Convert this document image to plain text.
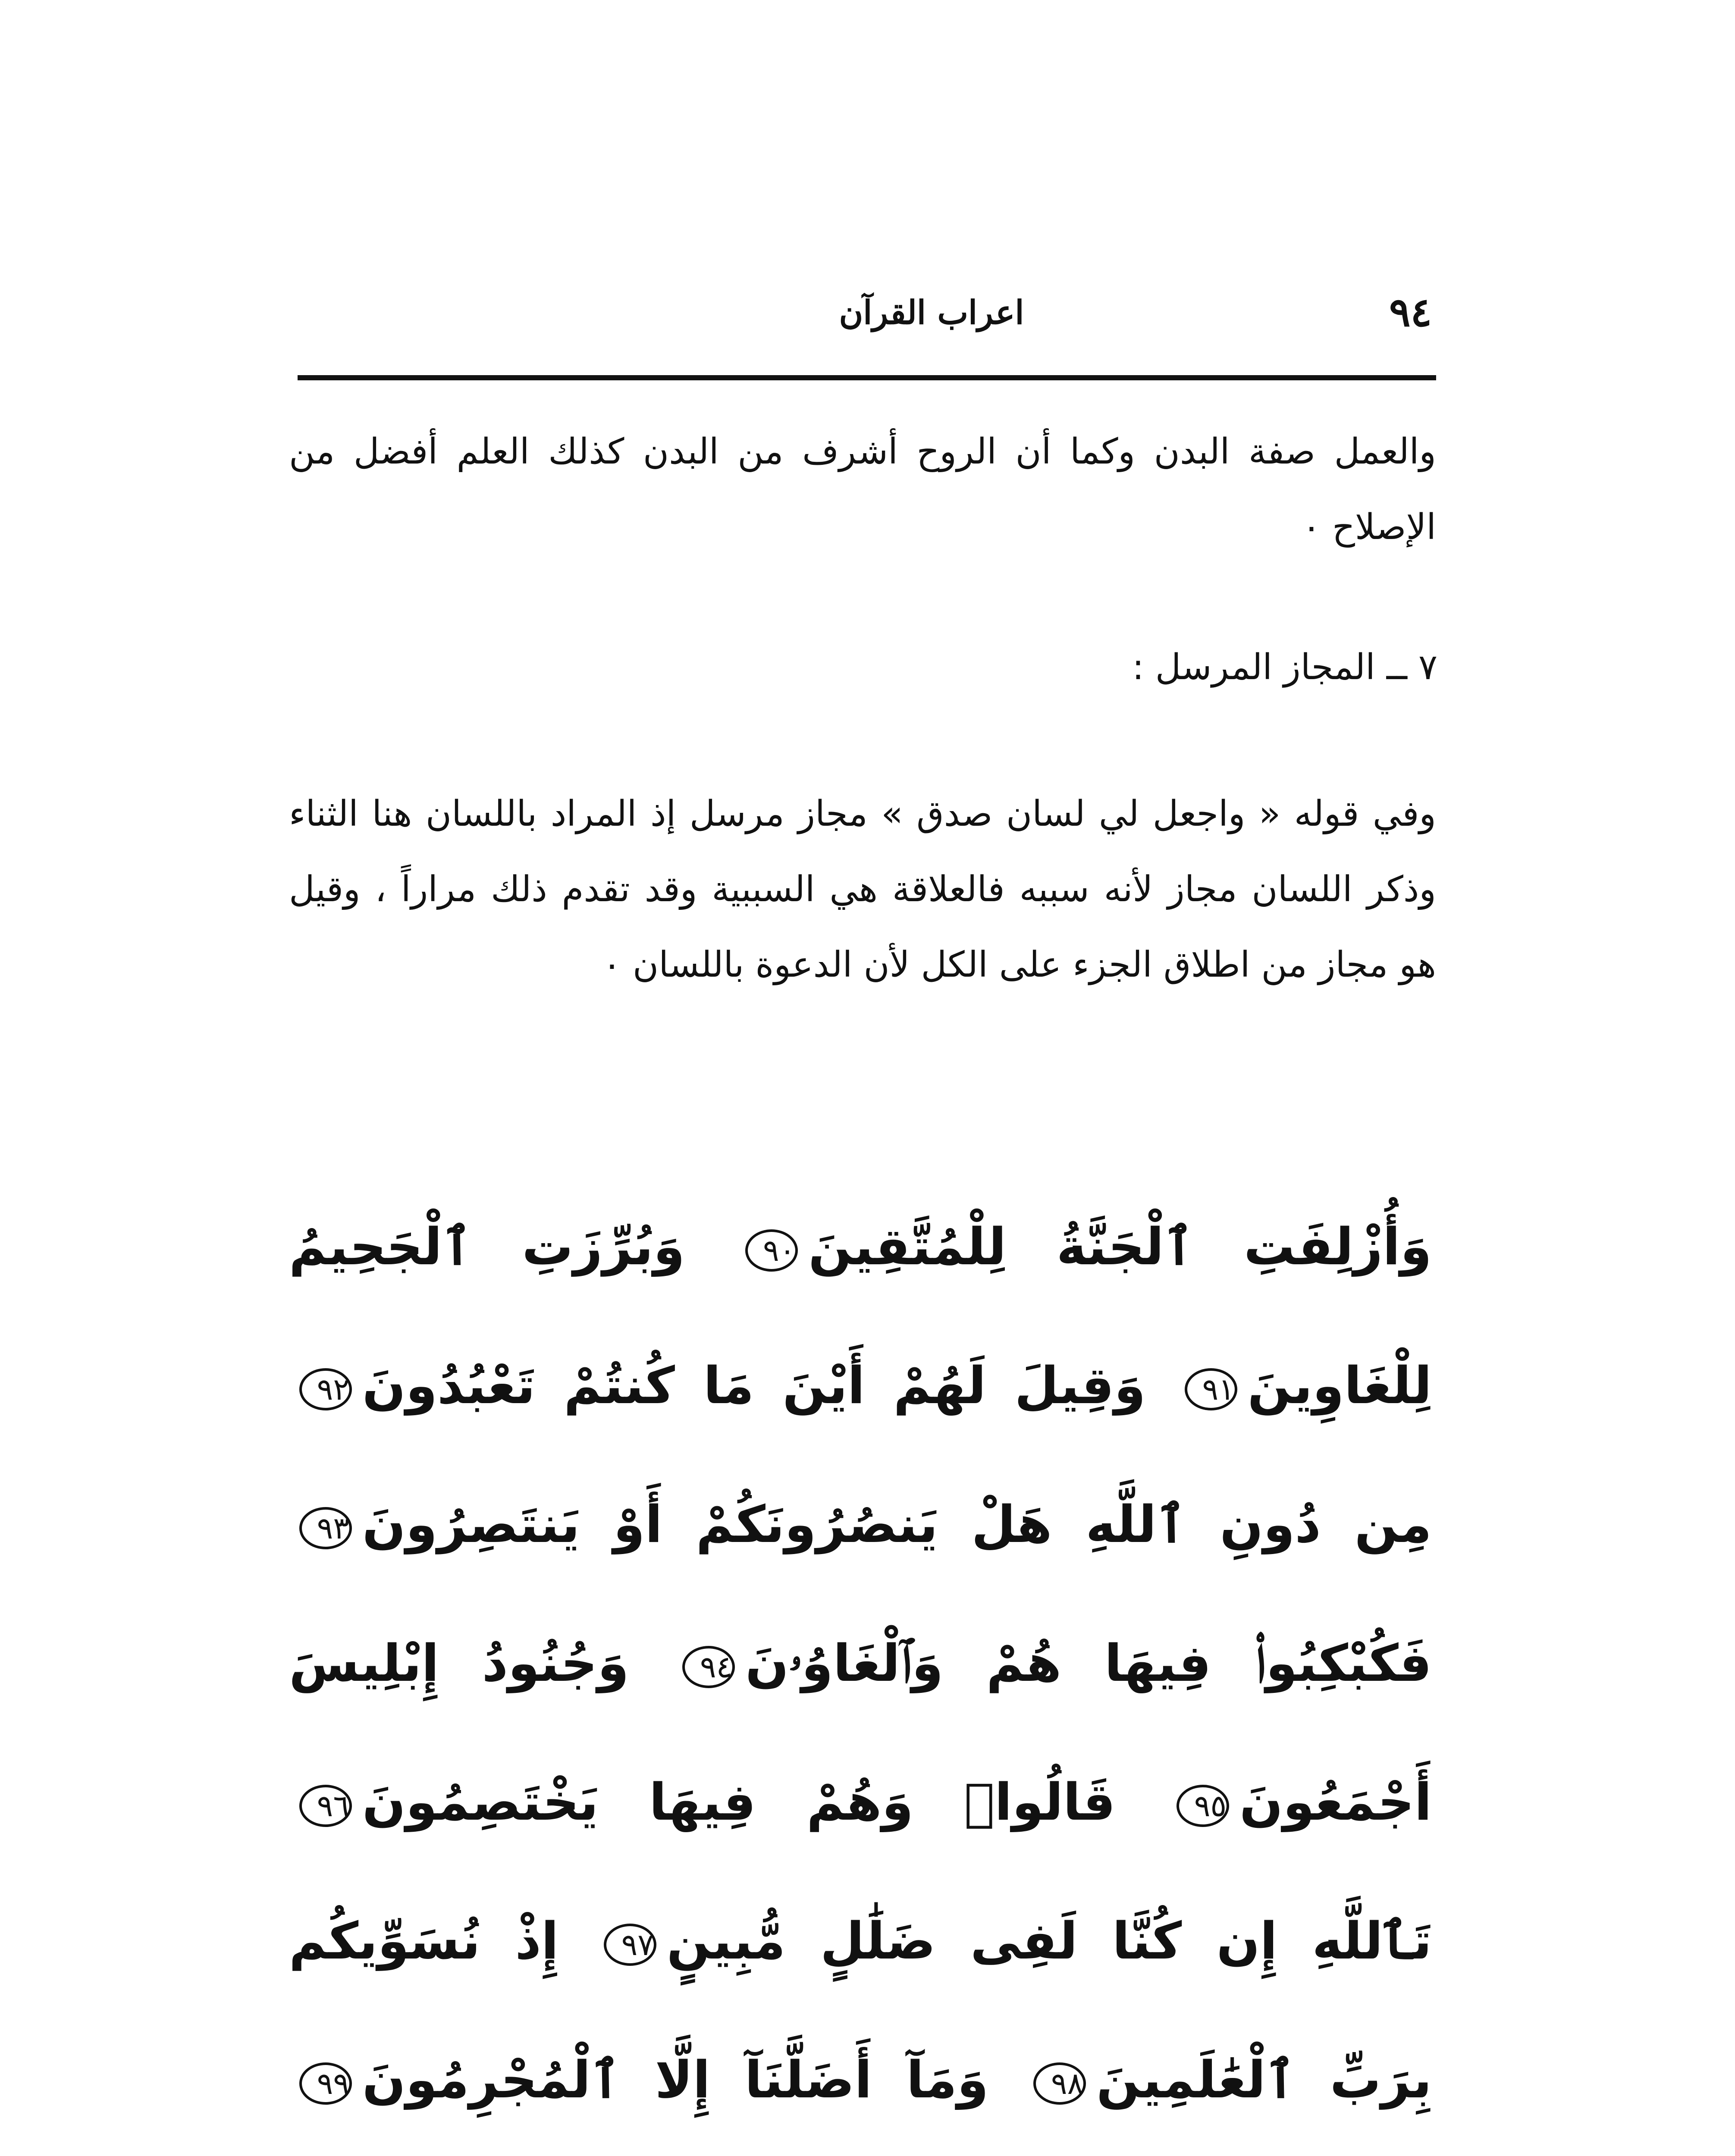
٩٤
اعراب القرآن

والعمل صفة البدن وكما أن الروح أشرف من البدن كذلك العلم أفضل من الإصلاح ٠

٧ ــ المجاز المرسل :

وفي قوله « واجعل لي لسان صدق » مجاز مرسل إذ المراد باللسان هنا الثناء وذكر اللسان مجاز لأنه سببه فالعلاقة هي السببية وقد تقدم ذلك مراراً ، وقيل هو مجاز من اطلاق الجزء على الكل لأن الدعوة باللسان ٠

وَأُزْلِفَتِ ٱلْجَنَّةُ لِلْمُتَّقِينَ٩٠ وَبُرِّزَتِ ٱلْجَحِيمُ لِلْغَاوِينَ٩١ وَقِيلَ لَهُمْ أَيْنَ مَا كُنتُمْ تَعْبُدُونَ٩٢ مِن دُونِ ٱللَّهِ هَلْ يَنصُرُونَكُمْ أَوْ يَنتَصِرُونَ٩٣ فَكُبْكِبُوا۟ فِيهَا هُمْ وَٱلْغَاوُۥنَ٩٤ وَجُنُودُ إِبْلِيسَ أَجْمَعُونَ٩٥ قَالُوا۟ وَهُمْ فِيهَا يَخْتَصِمُونَ٩٦ تَٱللَّهِ إِن كُنَّا لَفِى ضَلَٰلٍ مُّبِينٍ٩٧ إِذْ نُسَوِّيكُم بِرَبِّ ٱلْعَٰلَمِينَ٩٨ وَمَآ أَضَلَّنَآ إِلَّا ٱلْمُجْرِمُونَ٩٩
